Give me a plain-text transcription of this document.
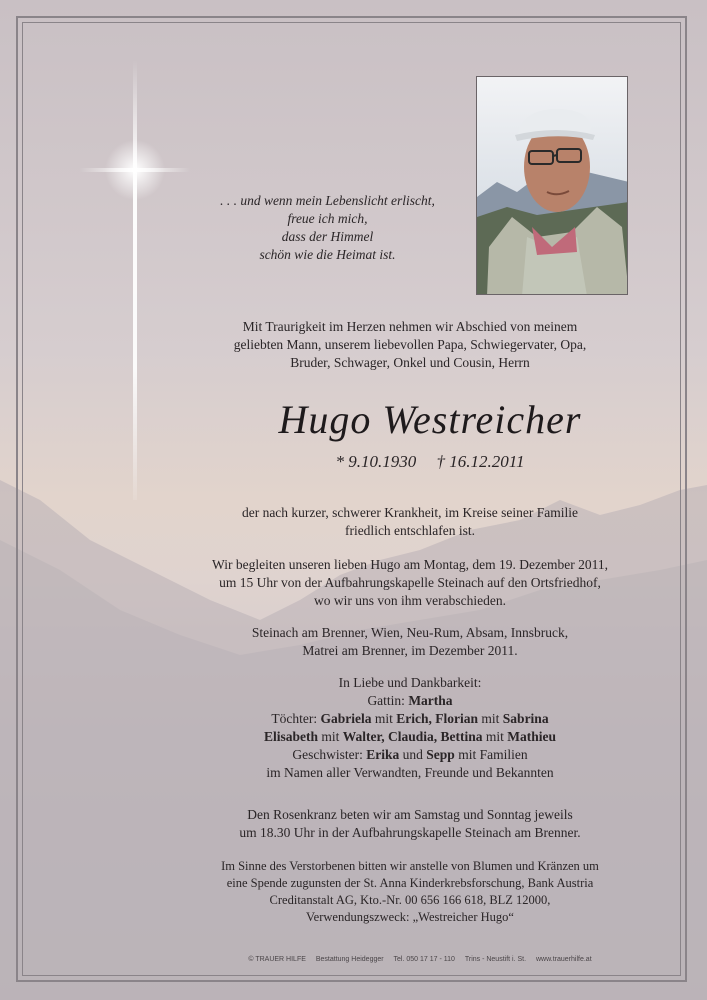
. . . und wenn mein Lebenslicht erlischt,
freue ich mich,
dass der Himmel
schön wie die Heimat ist.
Mit Traurigkeit im Herzen nehmen wir Abschied von meinem
geliebten Mann, unserem liebevollen Papa, Schwiegervater, Opa,
Bruder, Schwager, Onkel und Cousin, Herrn
Hugo Westreicher
* 9.10.1930 † 16.12.2011
der nach kurzer, schwerer Krankheit, im Kreise seiner Familie
friedlich entschlafen ist.
Wir begleiten unseren lieben Hugo am Montag, dem 19. Dezember 2011,
um 15 Uhr von der Aufbahrungskapelle Steinach auf den Ortsfriedhof,
wo wir uns von ihm verabschieden.
Steinach am Brenner, Wien, Neu-Rum, Absam, Innsbruck,
Matrei am Brenner, im Dezember 2011.
In Liebe und Dankbarkeit:
Gattin: Martha
Töchter: Gabriela mit Erich, Florian mit Sabrina
Elisabeth mit Walter, Claudia, Bettina mit Mathieu
Geschwister: Erika und Sepp mit Familien
im Namen aller Verwandten, Freunde und Bekannten
Den Rosenkranz beten wir am Samstag und Sonntag jeweils
um 18.30 Uhr in der Aufbahrungskapelle Steinach am Brenner.
Im Sinne des Verstorbenen bitten wir anstelle von Blumen und Kränzen um
eine Spende zugunsten der St. Anna Kinderkrebsforschung, Bank Austria
Creditanstalt AG, Kto.-Nr. 00 656 166 618, BLZ 12000,
Verwendungszweck: „Westreicher Hugo“
© TRAUER HILFE Bestattung Heidegger Tel. 050 17 17 - 110 Trins - Neustift i. St. www.trauerhilfe.at
